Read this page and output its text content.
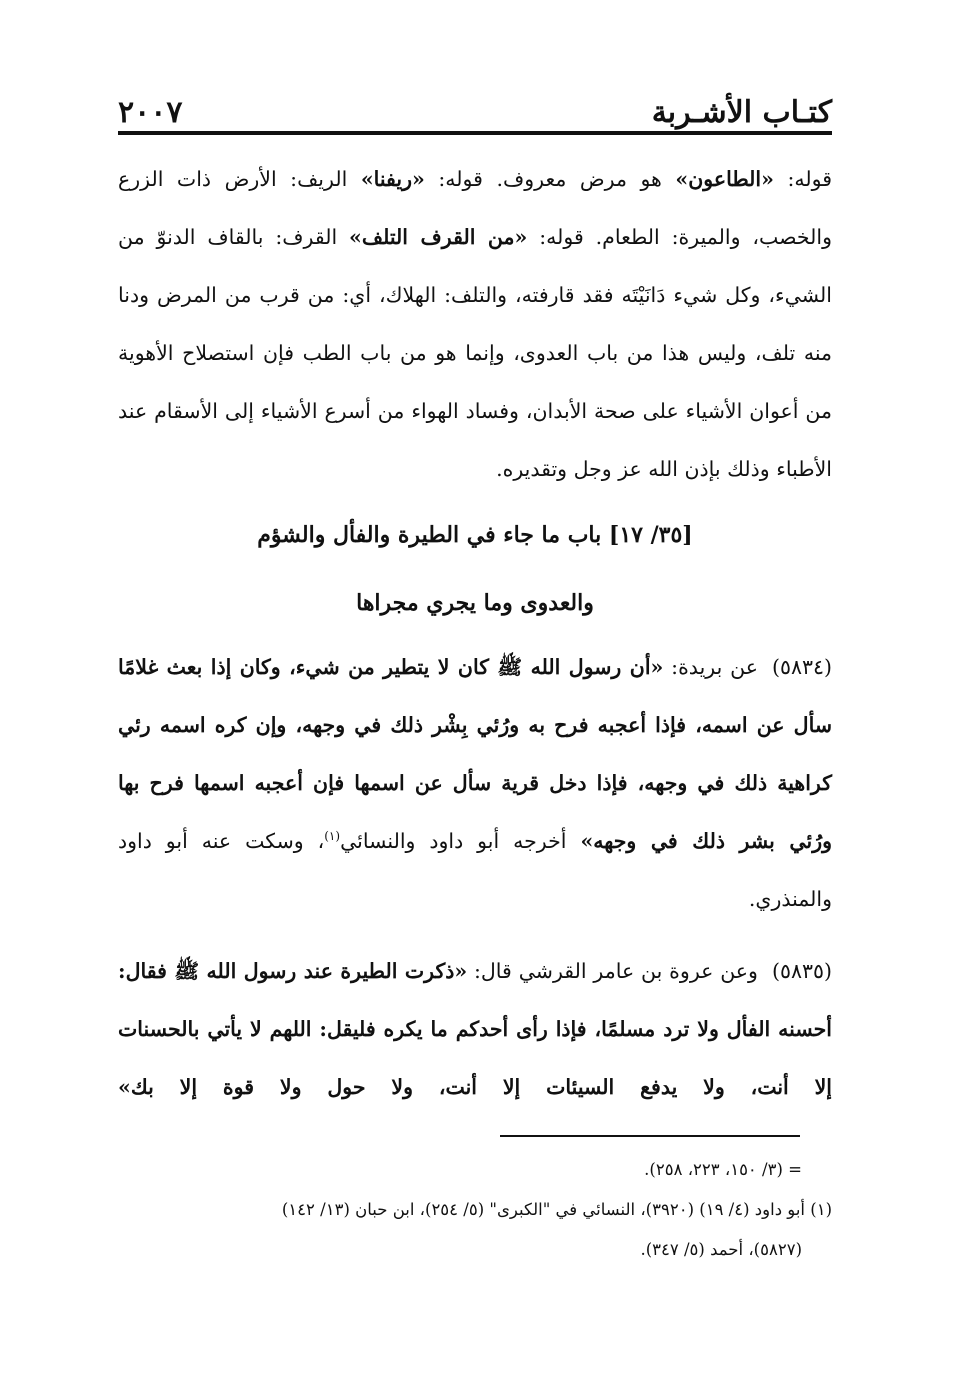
كتـاب الأشـربة
٢٠٠٧

قوله: «الطاعون» هو مرض معروف. قوله: «ريفنا» الريف: الأرض ذات الزرع والخصب، والميرة: الطعام. قوله: «من القرف التلف» القرف: بالقاف الدنوّ من الشيء، وكل شيء دَانَيْتَه فقد قارفته، والتلف: الهلاك، أي: من قرب من المرض ودنا منه تلف، وليس هذا من باب العدوى، وإنما هو من باب الطب فإن استصلاح الأهوية من أعوان الأشياء على صحة الأبدان، وفساد الهواء من أسرع الأشياء إلى الأسقام عند الأطباء وذلك بإذن الله عز وجل وتقديره.

[٣٥/ ١٧] باب ما جاء في الطيرة والفأل والشؤم
والعدوى وما يجري مجراها

(٥٨٣٤)عن بريدة: «أن رسول الله ﷺ كان لا يتطير من شيء، وكان إذا بعث غلامًا سأل عن اسمه، فإذا أعجبه فرح به ورُئي بِشْر ذلك في وجهه، وإن كره اسمه رئي كراهية ذلك في وجهه، فإذا دخل قرية سأل عن اسمها فإن أعجبه اسمها فرح بها ورُئي بشر ذلك في وجهه» أخرجه أبو داود والنسائي$^{(١)}$، وسكت عنه أبو داود والمنذري.

(٥٨٣٥)وعن عروة بن عامر القرشي قال: «ذكرت الطيرة عند رسول الله ﷺ فقال: أحسنه الفأل ولا ترد مسلمًا، فإذا رأى أحدكم ما يكره فليقل: اللهم لا يأتي بالحسنات إلا أنت، ولا يدفع السيئات إلا أنت، ولا حول ولا قوة إلا بك»

= (٣/ ١٥٠، ٢٢٣، ٢٥٨).

(١) أبو داود (٤/ ١٩) (٣٩٢٠)، النسائي في "الكبرى" (٥/ ٢٥٤)، ابن حبان (١٣/ ١٤٢)

(٥٨٢٧)، أحمد (٥/ ٣٤٧).
